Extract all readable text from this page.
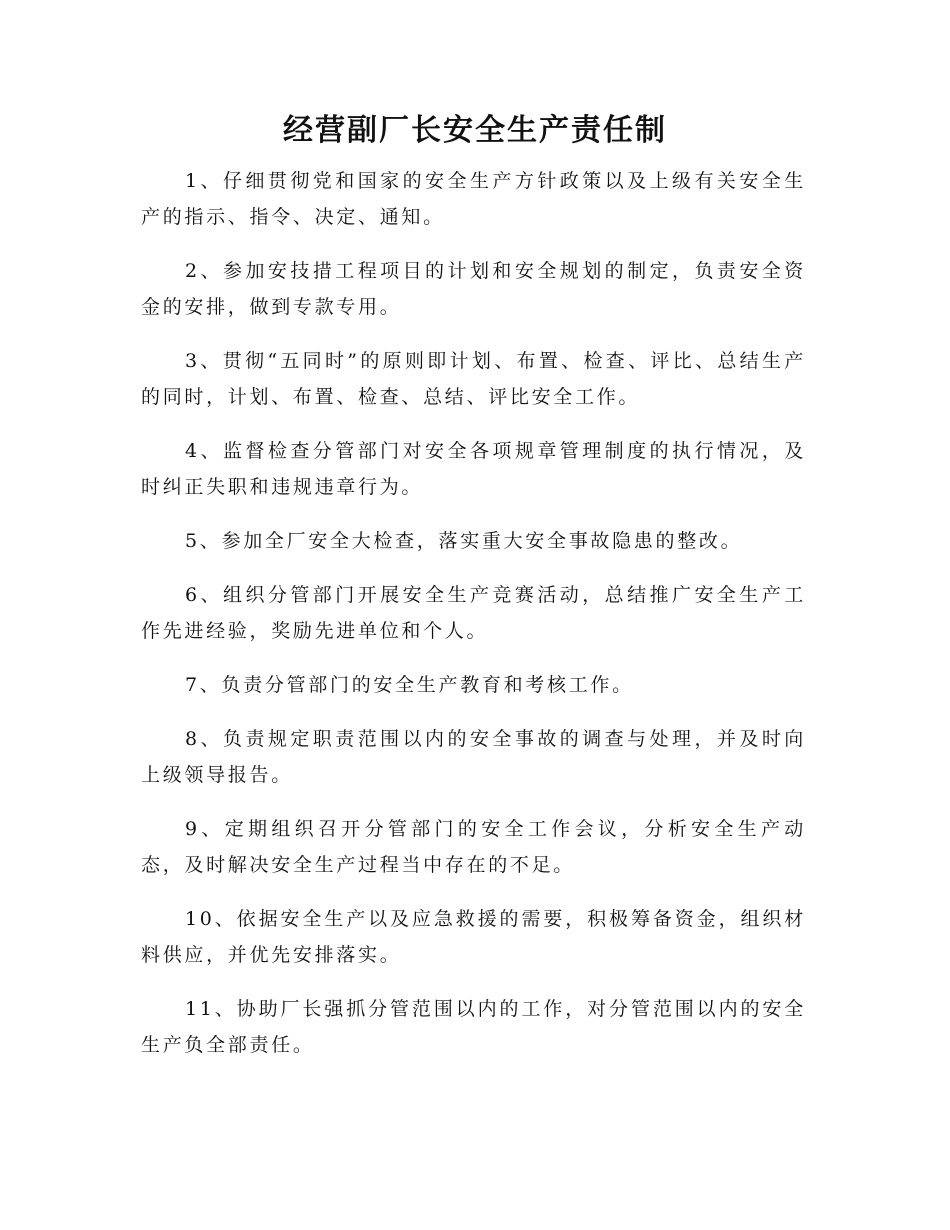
经营副厂长安全生产责任制
1、仔细贯彻党和国家的安全生产方针政策以及上级有关安全生产的指示、指令、决定、通知。
2、参加安技措工程项目的计划和安全规划的制定，负责安全资金的安排，做到专款专用。
3、贯彻“五同时”的原则即计划、布置、检查、评比、总结生产的同时，计划、布置、检查、总结、评比安全工作。
4、监督检查分管部门对安全各项规章管理制度的执行情况，及时纠正失职和违规违章行为。
5、参加全厂安全大检查，落实重大安全事故隐患的整改。
6、组织分管部门开展安全生产竞赛活动，总结推广安全生产工作先进经验，奖励先进单位和个人。
7、负责分管部门的安全生产教育和考核工作。
8、负责规定职责范围以内的安全事故的调查与处理，并及时向上级领导报告。
9、定期组织召开分管部门的安全工作会议，分析安全生产动态，及时解决安全生产过程当中存在的不足。
10、依据安全生产以及应急救援的需要，积极筹备资金，组织材料供应，并优先安排落实。
11、协助厂长强抓分管范围以内的工作，对分管范围以内的安全生产负全部责任。
